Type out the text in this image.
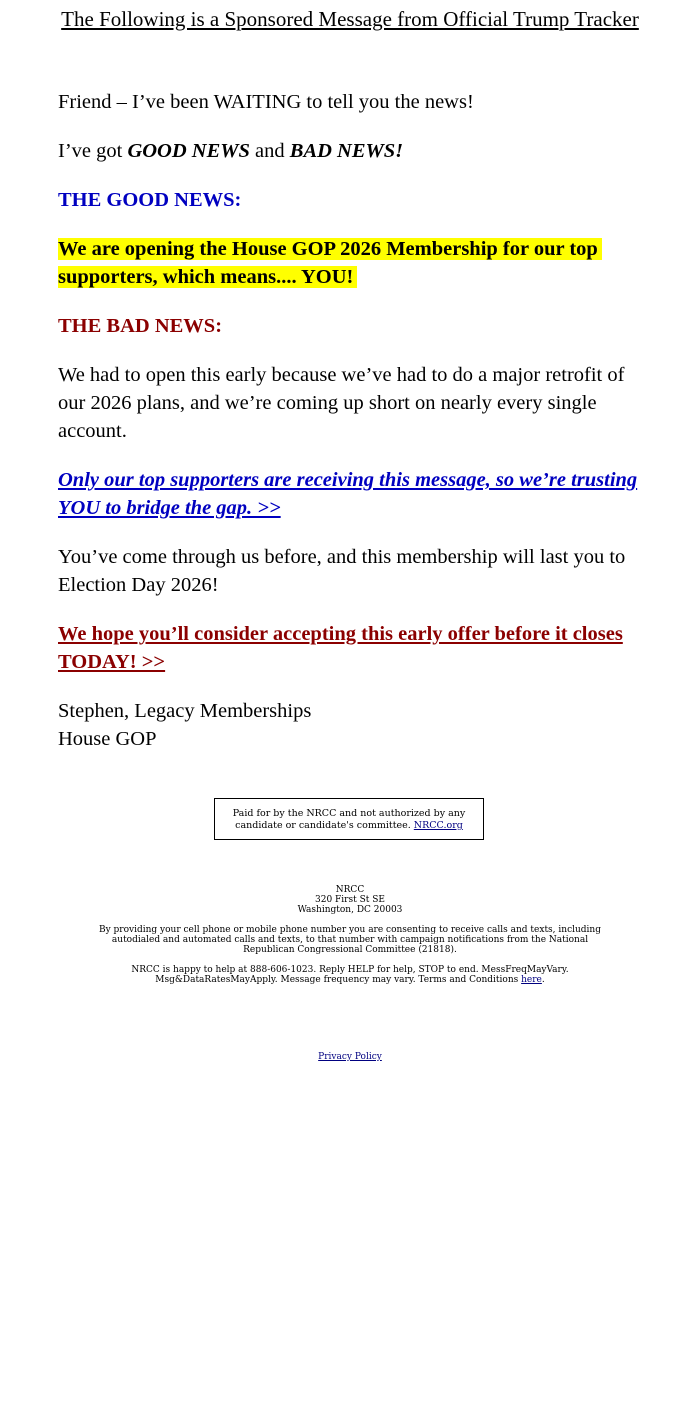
The Following is a Sponsored Message from Official Trump Tracker

Friend – I’ve been WAITING to tell you the news!

I’ve got GOOD NEWS and BAD NEWS!

THE GOOD NEWS:

We are opening the House GOP 2026 Membership for our top supporters, which means.... YOU!

THE BAD NEWS:

We had to open this early because we’ve had to do a major retrofit of our 2026 plans, and we’re coming up short on nearly every single account.

Only our top supporters are receiving this message, so we’re trusting YOU to bridge the gap. >>

You’ve come through us before, and this membership will last you to Election Day 2026!

We hope you’ll consider accepting this early offer before it closes TODAY! >>

Stephen, Legacy Memberships
House GOP

Paid for by the NRCC and not authorized by any candidate or candidate's committee. NRCC.org

NRCC

320 First St SE

Washington, DC 20003

By providing your cell phone or mobile phone number you are consenting to receive calls and texts, including autodialed and automated calls and texts, to that number with campaign notifications from the National Republican Congressional Committee (21818).

NRCC is happy to help at 888-606-1023. Reply HELP for help, STOP to end. MessFreqMayVary. Msg&DataRatesMayApply. Message frequency may vary. Terms and Conditions here.

Privacy Policy
